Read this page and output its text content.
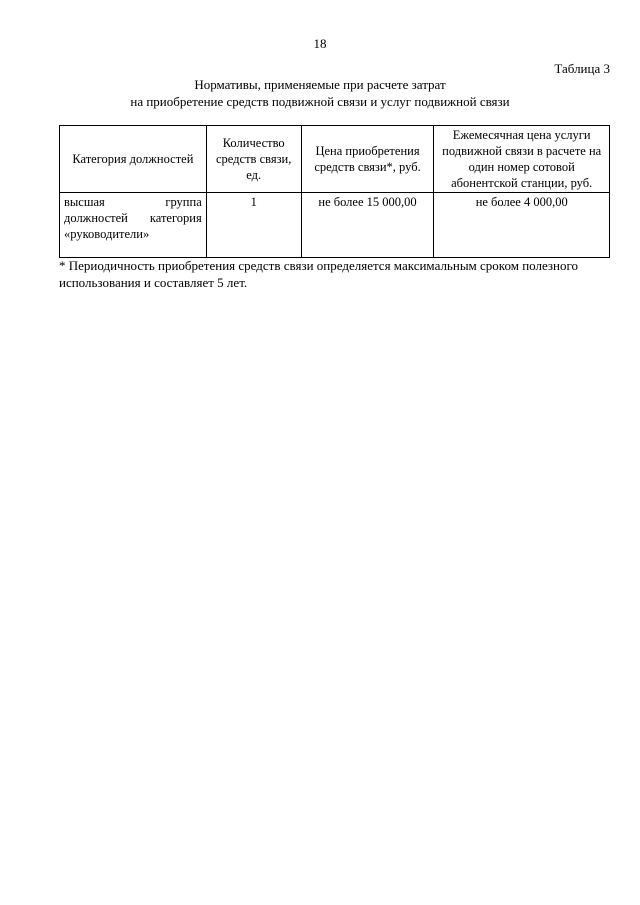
18
Таблица 3
Нормативы, применяемые при расчете затрат
на приобретение средств подвижной связи и услуг подвижной связи
Категория должностей	Количество средств связи, ед.	Цена приобретения средств связи*, руб.	Ежемесячная цена услуги подвижной связи в расчете на один номер сотовой абонентской станции, руб.
высшая группа должностей категория «руководители»	1	не более 15 000,00	не более 4 000,00
* Периодичность приобретения средств связи определяется максимальным сроком полезного использования и составляет 5 лет.
